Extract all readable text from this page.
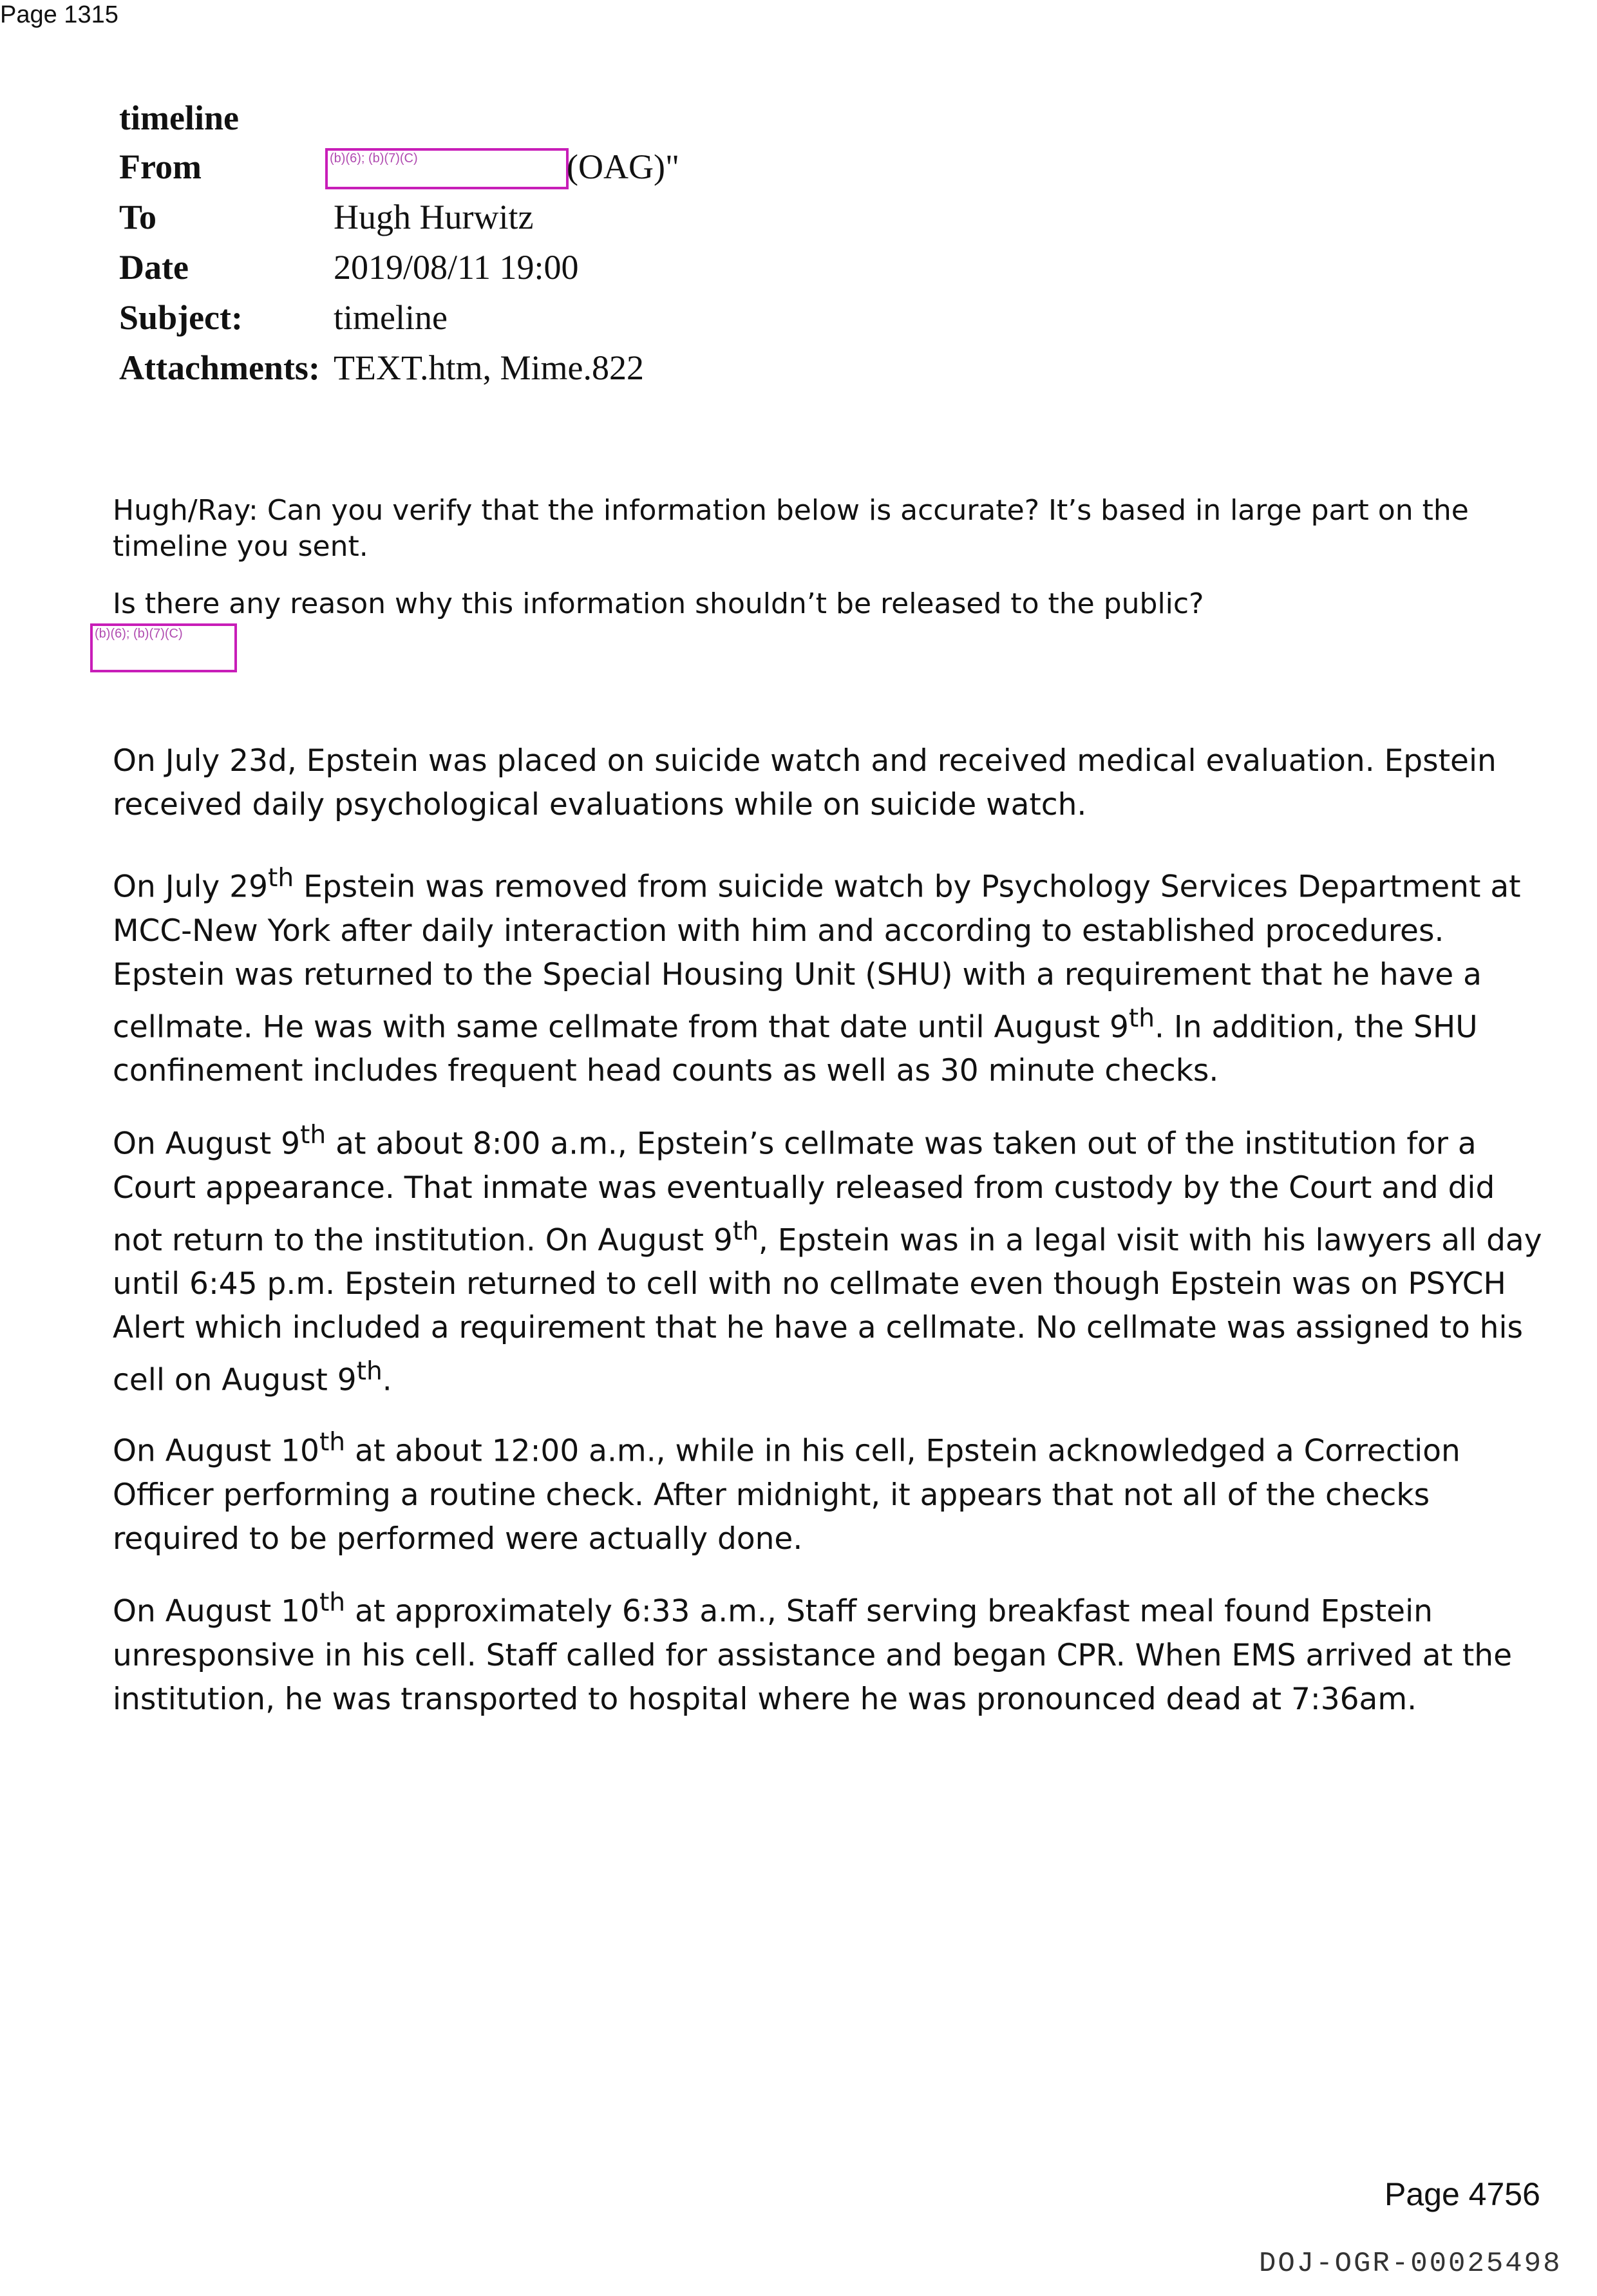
Page 1315
timeline
From	(b)(6); (b)(7)(C)	(OAG)"
To	Hugh Hurwitz
Date	2019/08/11 19:00
Subject:	timeline
Attachments: TEXT.htm, Mime.822
Hugh/Ray: Can you verify that the information below is accurate? It’s based in large part on the timeline you sent.
Is there any reason why this information shouldn’t be released to the public?
(b)(6); (b)(7)(C)

On July 23d, Epstein was placed on suicide watch and received medical evaluation. Epstein received daily psychological evaluations while on suicide watch.

On July 29th Epstein was removed from suicide watch by Psychology Services Department at MCC-New York after daily interaction with him and according to established procedures. Epstein was returned to the Special Housing Unit (SHU) with a requirement that he have a cellmate. He was with same cellmate from that date until August 9th. In addition, the SHU confinement includes frequent head counts as well as 30 minute checks.

On August 9th at about 8:00 a.m., Epstein’s cellmate was taken out of the institution for a Court appearance. That inmate was eventually released from custody by the Court and did not return to the institution. On August 9th, Epstein was in a legal visit with his lawyers all day until 6:45 p.m. Epstein returned to cell with no cellmate even though Epstein was on PSYCH Alert which included a requirement that he have a cellmate. No cellmate was assigned to his cell on August 9th.

On August 10th at about 12:00 a.m., while in his cell, Epstein acknowledged a Correction Officer performing a routine check. After midnight, it appears that not all of the checks required to be performed were actually done.

On August 10th at approximately 6:33 a.m., Staff serving breakfast meal found Epstein unresponsive in his cell. Staff called for assistance and began CPR. When EMS arrived at the institution, he was transported to hospital where he was pronounced dead at 7:36am.

Page 4756
DOJ-OGR-00025498
